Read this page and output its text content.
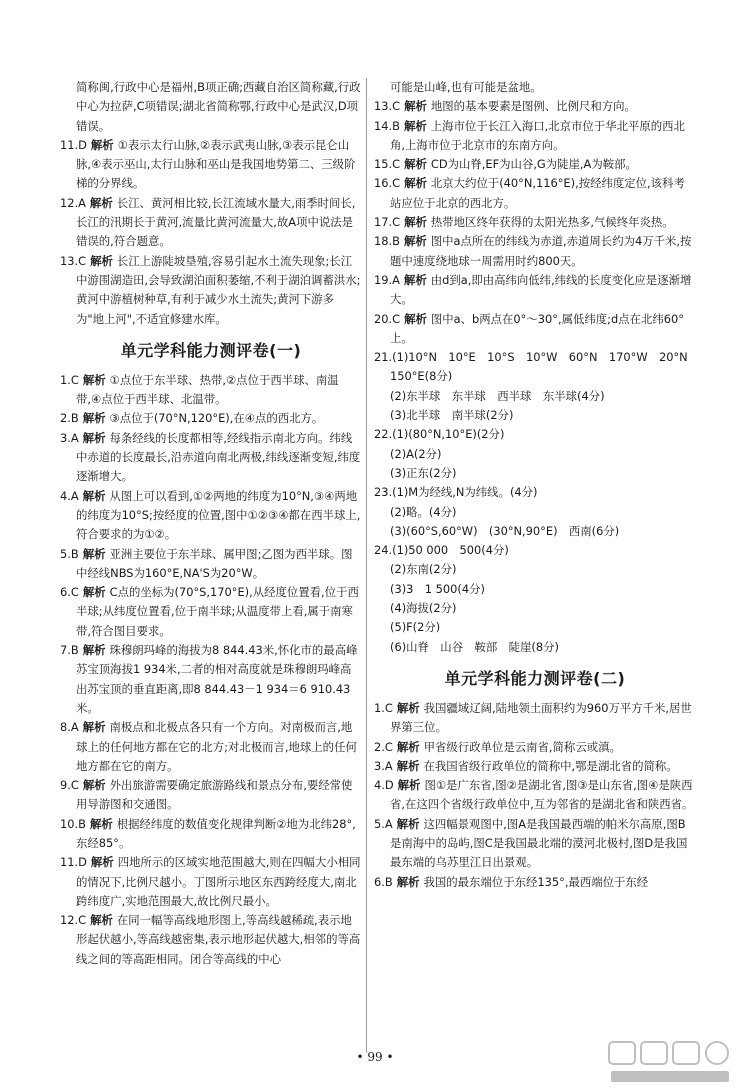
简称闽,行政中心是福州,B项正确;西藏自治区简称藏,行政中心为拉萨,C项错误;湖北省简称鄂,行政中心是武汉,D项错误。

11.D 解析 ①表示太行山脉,②表示武夷山脉,③表示昆仑山脉,④表示巫山,太行山脉和巫山是我国地势第二、三级阶梯的分界线。

12.A 解析 长江、黄河相比较,长江流域水量大,雨季时间长,长江的汛期长于黄河,流量比黄河流量大,故A项中说法是错误的,符合题意。

13.C 解析 长江上游陡坡垦殖,容易引起水土流失现象;长江中游围湖造田,会导致湖泊面积萎缩,不利于湖泊调蓄洪水;黄河中游植树种草,有利于减少水土流失;黄河下游多为"地上河",不适宜修建水库。

单元学科能力测评卷(一)

1.C 解析 ①点位于东半球、热带,②点位于西半球、南温带,④点位于西半球、北温带。

2.B 解析 ③点位于(70°N,120°E),在④点的西北方。

3.A 解析 每条经线的长度都相等,经线指示南北方向。纬线中赤道的长度最长,沿赤道向南北两极,纬线逐渐变短,纬度逐渐增大。

4.A 解析 从图上可以看到,①②两地的纬度为10°N,③④两地的纬度为10°S;按经度的位置,图中①②③④都在西半球上,符合要求的为①②。

5.B 解析 亚洲主要位于东半球、属甲图;乙图为西半球。图中经线NBS为160°E,NA'S为20°W。

6.C 解析 C点的坐标为(70°S,170°E),从经度位置看,位于西半球;从纬度位置看,位于南半球;从温度带上看,属于南寒带,符合图目要求。

7.B 解析 珠穆朗玛峰的海拔为8 844.43米,怀化市的最高峰苏宝顶海拔1 934米,二者的相对高度就是珠穆朗玛峰高出苏宝顶的垂直距离,即8 844.43－1 934＝6 910.43米。

8.A 解析 南极点和北极点各只有一个方向。对南极而言,地球上的任何地方都在它的北方;对北极而言,地球上的任何地方都在它的南方。

9.C 解析 外出旅游需要确定旅游路线和景点分布,要经常使用导游图和交通图。

10.B 解析 根据经纬度的数值变化规律判断②地为北纬28°,东经85°。

11.D 解析 四地所示的区域实地范围越大,则在四幅大小相同的情况下,比例尺越小。丁图所示地区东西跨经度大,南北跨纬度广,实地范围最大,故比例尺最小。

12.C 解析 在同一幅等高线地形图上,等高线越稀疏,表示地形起伏越小,等高线越密集,表示地形起伏越大,相邻的等高线之间的等高距相同。闭合等高线的中心

可能是山峰,也有可能是盆地。

13.C 解析 地图的基本要素是图例、比例尺和方向。

14.B 解析 上海市位于长江入海口,北京市位于华北平原的西北角,上海市位于北京市的东南方向。

15.C 解析 CD为山脊,EF为山谷,G为陡崖,A为鞍部。

16.C 解析 北京大约位于(40°N,116°E),按经纬度定位,该科考站应位于北京的西北方。

17.C 解析 热带地区终年获得的太阳光热多,气候终年炎热。

18.B 解析 图中a点所在的纬线为赤道,赤道周长约为4万千米,按题中速度绕地球一周需用时约800天。

19.A 解析 由d到a,即由高纬向低纬,纬线的长度变化应是逐渐增大。

20.C 解析 图中a、b两点在0°～30°,属低纬度;d点在北纬60°上。

21.(1)10°N　10°E　10°S　10°W　60°N　170°W　20°N　150°E(8分)

(2)东半球　东半球　西半球　东半球(4分)

(3)北半球　南半球(2分)

22.(1)(80°N,10°E)(2分)

(2)A(2分)

(3)正东(2分)

23.(1)M为经线,N为纬线。(4分)

(2)略。(4分)

(3)(60°S,60°W)　(30°N,90°E)　西南(6分)

24.(1)50 000　500(4分)

(2)东南(2分)

(3)3　1 500(4分)

(4)海拔(2分)

(5)F(2分)

(6)山脊　山谷　鞍部　陡崖(8分)

单元学科能力测评卷(二)

1.C 解析 我国疆域辽阔,陆地领土面积约为960万平方千米,居世界第三位。

2.C 解析 甲省级行政单位是云南省,简称云或滇。

3.A 解析 在我国省级行政单位的简称中,鄂是湖北省的简称。

4.D 解析 图①是广东省,图②是湖北省,图③是山东省,图④是陕西省,在这四个省级行政单位中,互为邻省的是湖北省和陕西省。

5.A 解析 这四幅景观图中,图A是我国最西端的帕米尔高原,图B是南海中的岛屿,图C是我国最北端的漠河北极村,图D是我国最东端的乌苏里江日出景观。

6.B 解析 我国的最东端位于东经135°,最西端位于东经

• 99 •
